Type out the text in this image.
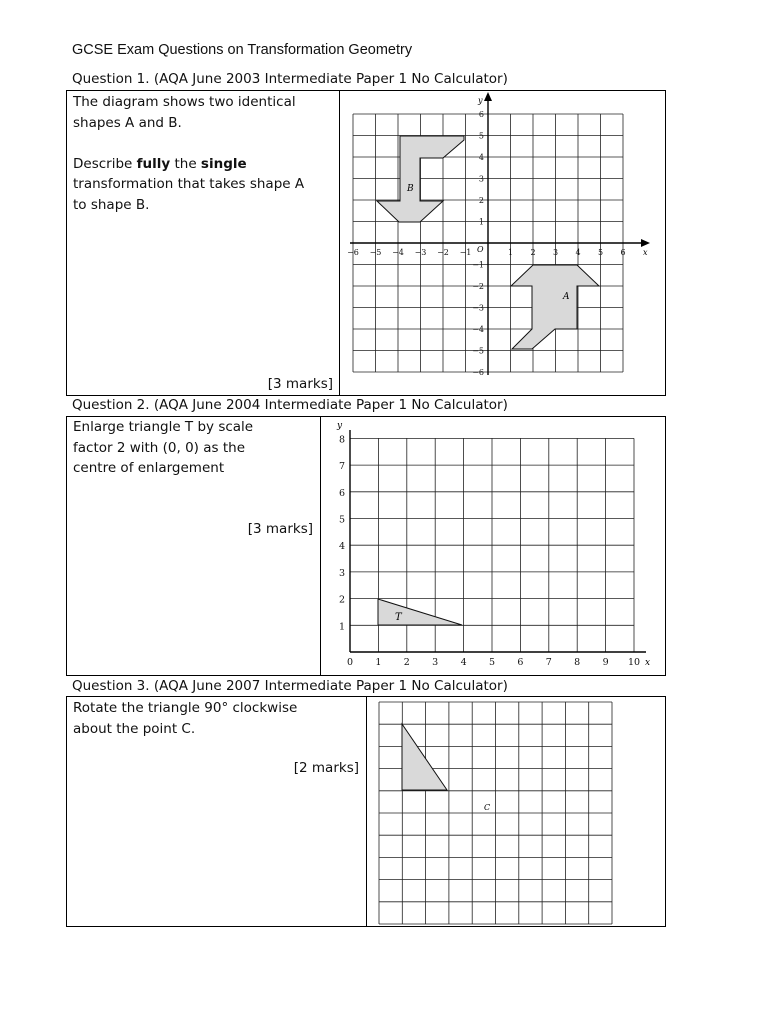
GCSE Exam Questions on Transformation Geometry
Question 1. (AQA June 2003 Intermediate Paper 1 No Calculator)
The diagram shows two identical
shapes A and B.

Describe fully the single
transformation that takes shape A
to shape B.
[3 marks]
−6 −5 −4 −3 −2 −1	1 2 3 4 5 6
6
5
4
3
2
1
−1
−2
−3
−4
−5
−6
x
y
O
B
A
Question 2. (AQA June 2004 Intermediate Paper 1 No Calculator)
Enlarge triangle T by scale
factor 2 with (0, 0) as the
centre of enlargement
[3 marks]
0 1 2 3 4 5 6 7 8 9 10
1
2
3
4
5
6
7
8
x
y
T
Question 3. (AQA June 2007 Intermediate Paper 1 No Calculator)
Rotate the triangle 90° clockwise
about the point C.
[2 marks]
C
